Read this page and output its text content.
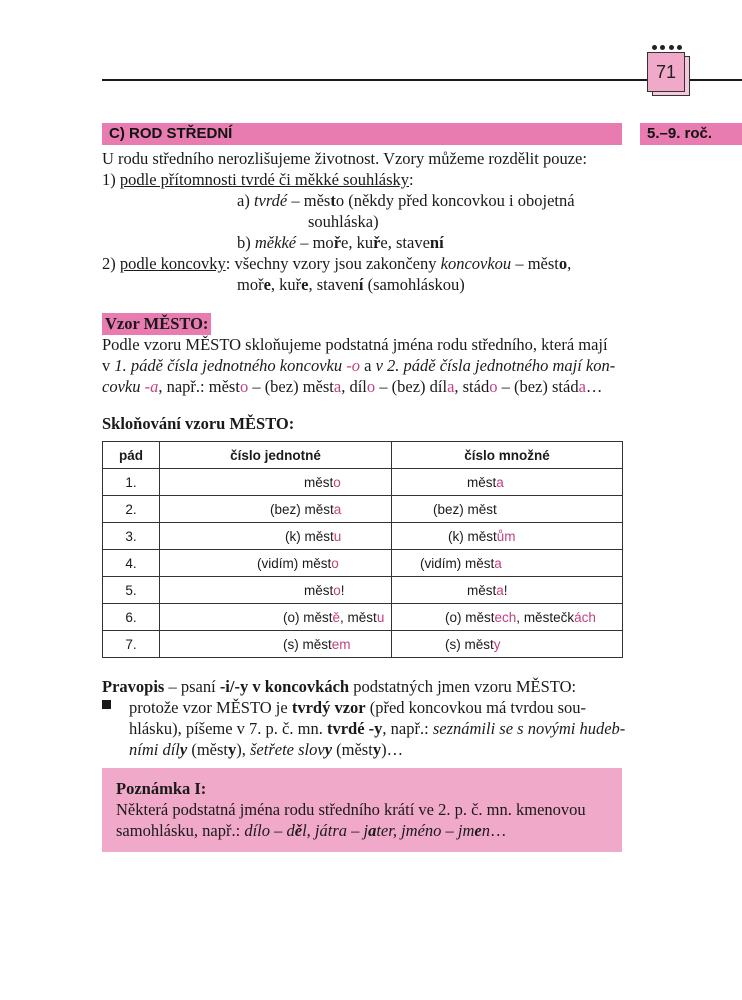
71
C) ROD STŘEDNÍ	5.–9. roč.
U rodu středního nerozlišujeme životnost. Vzory můžeme rozdělit pouze:
1) podle přítomnosti tvrdé či měkké souhlásky:
a) tvrdé – město (někdy před koncovkou i obojetná
souhláska)
b) měkké – moře, kuře, stavení
2) podle koncovky: všechny vzory jsou zakončeny koncovkou – město,
moře, kuře, stavení (samohláskou)
Vzor MĚSTO:
Podle vzoru MĚSTO skloňujeme podstatná jména rodu středního, která mají
v 1. pádě čísla jednotného koncovku -o a v 2. pádě čísla jednotného mají kon-
covku -a, např.: město – (bez) města, dílo – (bez) díla, stádo – (bez) stáda…
Skloňování vzoru MĚSTO:
pád	číslo jednotné	číslo množné
1.	město	města
2.	(bez) města	(bez) měst
3.	(k) městu	(k) městům
4.	(vidím) město	(vidím) města
5.	město!	města!
6.	(o) městě, městu	(o) městech, městečkách
7.	(s) městem	(s) městy
Pravopis – psaní -i/-y v koncovkách podstatných jmen vzoru MĚSTO:
protože vzor MĚSTO je tvrdý vzor (před koncovkou má tvrdou sou-
hlásku), píšeme v 7. p. č. mn. tvrdé -y, např.: seznámili se s novými hudeb-
ními díly (městy), šetřete slovy (městy)…
Poznámka I:
Některá podstatná jména rodu středního krátí ve 2. p. č. mn. kmenovou
samohlásku, např.: dílo – děl, játra – jater, jméno – jmen…
